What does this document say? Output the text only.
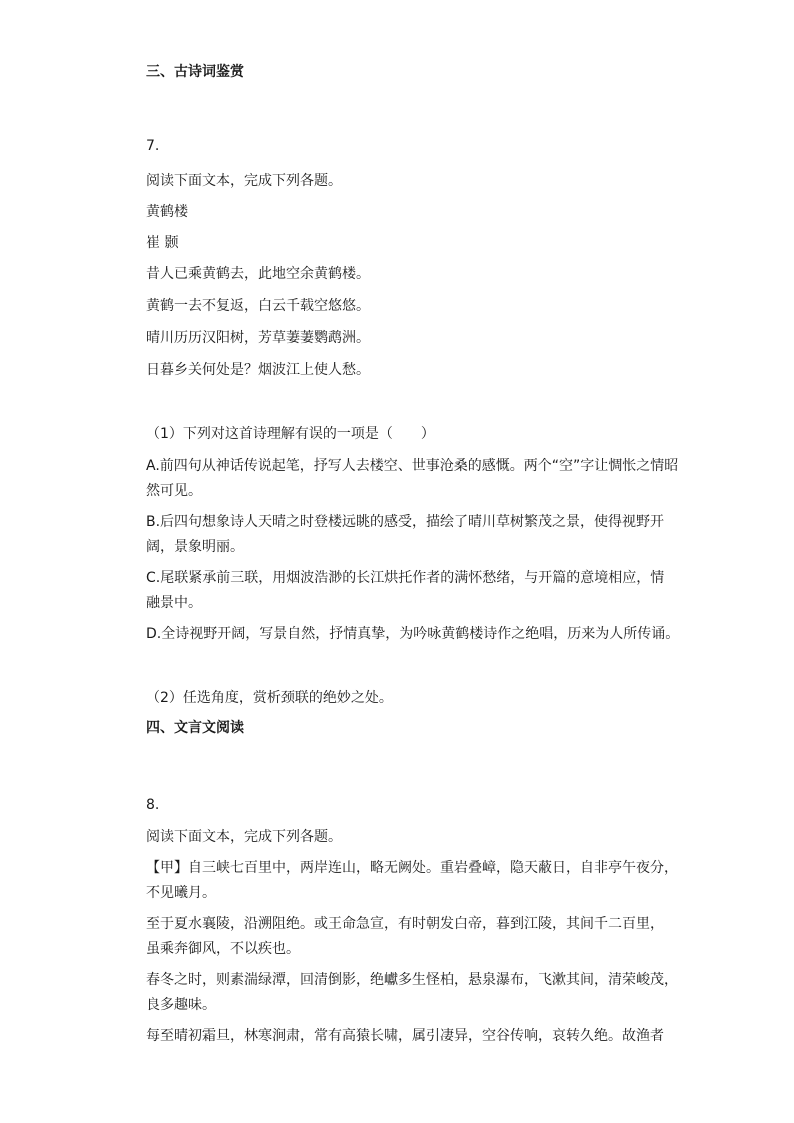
三、古诗词鉴赏

7.

阅读下面文本，完成下列各题。

黄鹤楼

崔 颢

昔人已乘黄鹤去，此地空余黄鹤楼。

黄鹤一去不复返，白云千载空悠悠。

晴川历历汉阳树，芳草萋萋鹦鹉洲。

日暮乡关何处是？烟波江上使人愁。

（1）下列对这首诗理解有误的一项是（　　）

A.前四句从神话传说起笔，抒写人去楼空、世事沧桑的感慨。两个“空”字让惆怅之情昭

然可见。

B.后四句想象诗人天晴之时登楼远眺的感受，描绘了晴川草树繁茂之景，使得视野开

阔，景象明丽。

C.尾联紧承前三联，用烟波浩渺的长江烘托作者的满怀愁绪，与开篇的意境相应，情

融景中。

D.全诗视野开阔，写景自然，抒情真挚，为吟咏黄鹤楼诗作之绝唱，历来为人所传诵。

（2）任选角度，赏析颈联的绝妙之处。

四、文言文阅读

8.

阅读下面文本，完成下列各题。

【甲】自三峡七百里中，两岸连山，略无阙处。重岩叠嶂，隐天蔽日，自非亭午夜分，

不见曦月。

至于夏水襄陵，沿溯阻绝。或王命急宣，有时朝发白帝，暮到江陵，其间千二百里，

虽乘奔御风，不以疾也。

春冬之时，则素湍绿潭，回清倒影，绝巘多生怪柏，悬泉瀑布，飞漱其间，清荣峻茂，

良多趣味。

每至晴初霜旦，林寒涧肃，常有高猿长啸，属引凄异，空谷传响，哀转久绝。故渔者
